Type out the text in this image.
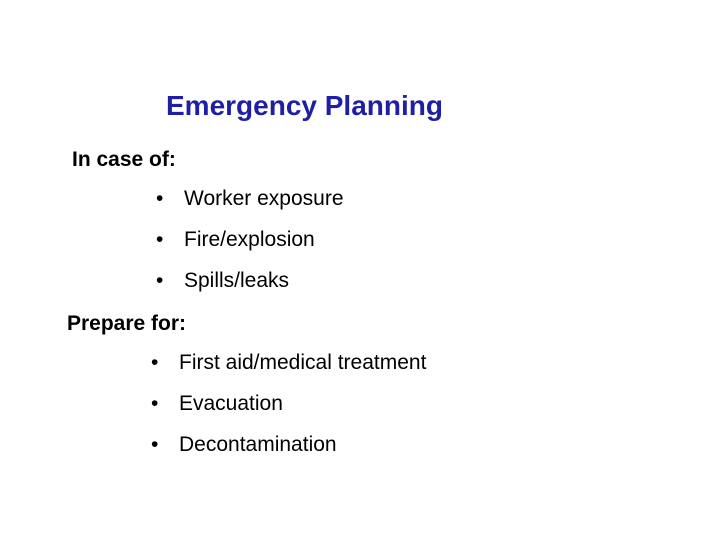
Emergency Planning
In case of:
• Worker exposure
• Fire/explosion
• Spills/leaks
Prepare for:
• First aid/medical treatment
• Evacuation
• Decontamination
